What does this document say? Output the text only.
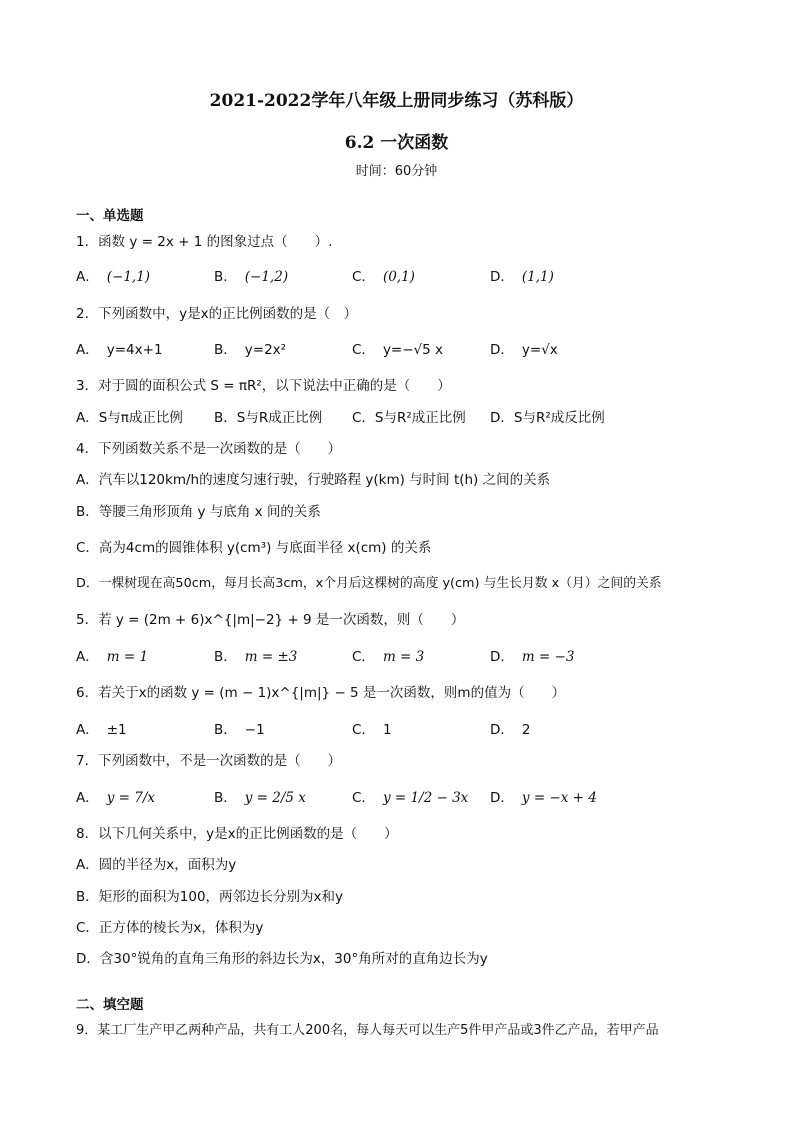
2021-2022学年八年级上册同步练习（苏科版）
6.2 一次函数
时间：60分钟
一、单选题
1．函数 y = 2x + 1 的图象过点（　　）.
A． (−1,1)	B． (−1,2)	C． (0,1)	D． (1,1)
2．下列函数中，y是x的正比例函数的是（　）
A． y=4x+1	B． y=2x²	C． y=−√5 x	D． y=√x
3．对于圆的面积公式 S = πR²，以下说法中正确的是（　　）
A．S与π成正比例 B．S与R成正比例 C．S与R²成正比例 D．S与R²成反比例
4．下列函数关系不是一次函数的是（　　）
A．汽车以120km/h的速度匀速行驶，行驶路程 y(km) 与时间 t(h) 之间的关系
B．等腰三角形顶角 y 与底角 x 间的关系
C．高为4cm的圆锥体积 y(cm³) 与底面半径 x(cm) 的关系
D．一棵树现在高50cm，每月长高3cm，x个月后这棵树的高度 y(cm) 与生长月数 x（月）之间的关系
5．若 y = (2m + 6)x^{|m|−2} + 9 是一次函数，则（　　）
A． m = 1	B． m = ±3	C． m = 3	D． m = −3
6．若关于x的函数 y = (m − 1)x^{|m|} − 5 是一次函数，则m的值为（　　）
A． ±1	B． −1	C． 1	D． 2
7．下列函数中，不是一次函数的是（　　）
A． y = 7/x	B． y = 2/5 x	C． y = 1/2 − 3x D． y = −x + 4
8．以下几何关系中，y是x的正比例函数的是（　　）
A．圆的半径为x，面积为y
B．矩形的面积为100，两邻边长分别为x和y
C．正方体的棱长为x，体积为y
D．含30°锐角的直角三角形的斜边长为x，30°角所对的直角边长为y
二、填空题
9．某工厂生产甲乙两种产品，共有工人200名，每人每天可以生产5件甲产品或3件乙产品，若甲产品
